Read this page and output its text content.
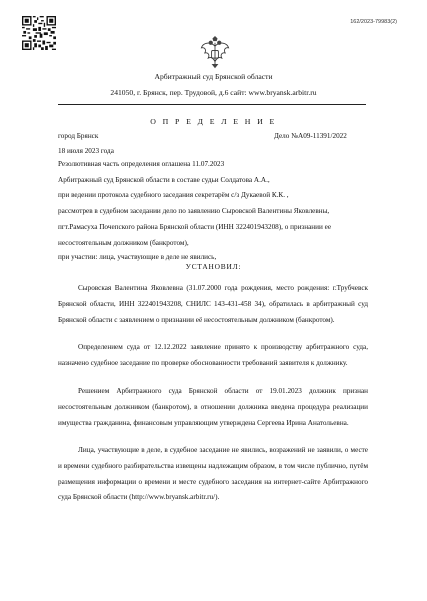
162/2023-79983(2)
Арбитражный суд Брянской области
241050, г. Брянск, пер. Трудовой, д.6 сайт: www.bryansk.arbitr.ru
О П Р Е Д Е Л Е Н И Е
город Брянск	Дело №А09-11391/2022
18 июля 2023 года
Резолютивная часть определения оглашена 11.07.2023
Арбитражный суд Брянской области в составе судьи Солдатова А.А.,
при ведении протокола судебного заседания секретарём с/з Дукаевой К.К. ,
рассмотрев в судебном заседании дело по заявлению Сыровской Валентины Яковлевны, пгт.Рамасуха Почепского района Брянской области (ИНН 322401943208), о признании ее несостоятельным должником (банкротом),
при участии: лица, участвующие в деле не явились,
УСТАНОВИЛ:
Сыровская Валентина Яковлевна (31.07.2000 года рождения, место рождения: г.Трубчевск Брянской области, ИНН 322401943208, СНИЛС 143-431-458 34), обратилась в арбитражный суд Брянской области с заявлением о признании её несостоятельным должником (банкротом).
Определением суда от 12.12.2022 заявление принято к производству арбитражного суда, назначено судебное заседание по проверке обоснованности требований заявителя к должнику.
Решением Арбитражного суда Брянской области от 19.01.2023 должник признан несостоятельным должником (банкротом), в отношении должника введена процедура реализации имущества гражданина, финансовым управляющим утверждена Сергеева Ирина Анатольевна.
Лица, участвующие в деле, в судебное заседание не явились, возражений не заявили, о месте и времени судебного разбирательства извещены надлежащим образом, в том числе публично, путём размещения информации о времени и месте судебного заседания на интернет-сайте Арбитражного суда Брянской области (http://www.bryansk.arbitr.ru/).
